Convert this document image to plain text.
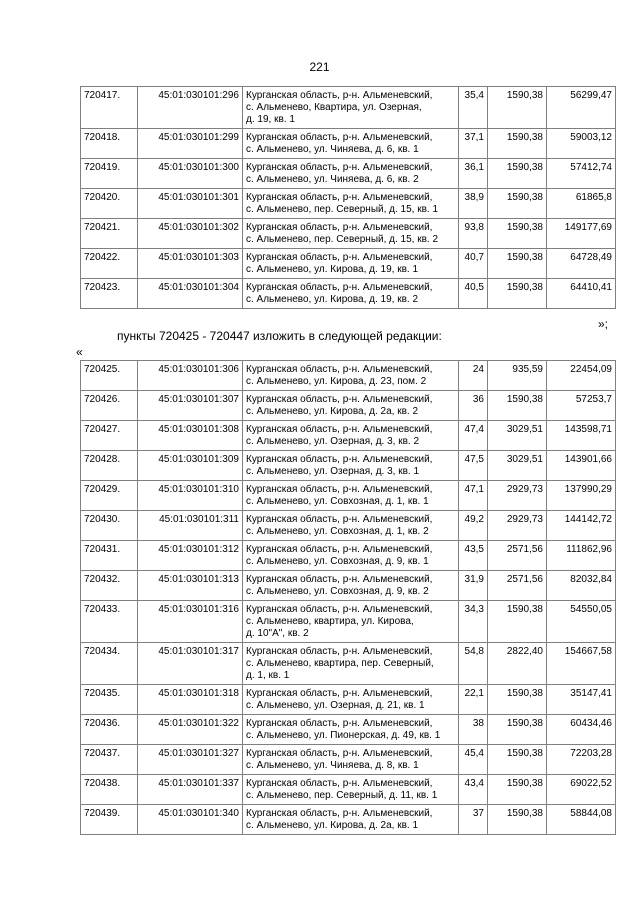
221
720417.	45:01:030101:296	Курганская область, р-н. Альменевский,
с. Альменево, Квартира, ул. Озерная,
д. 19, кв. 1	35,4	1590,38	56299,47
720418.	45:01:030101:299	Курганская область, р-н. Альменевский,
с. Альменево, ул. Чиняева, д. 6, кв. 1	37,1	1590,38	59003,12
720419.	45:01:030101:300	Курганская область, р-н. Альменевский,
с. Альменево, ул. Чиняева, д. 6, кв. 2	36,1	1590,38	57412,74
720420.	45:01:030101:301	Курганская область, р-н. Альменевский,
с. Альменево, пер. Северный, д. 15, кв. 1	38,9	1590,38	61865,8
720421.	45:01:030101:302	Курганская область, р-н. Альменевский,
с. Альменево, пер. Северный, д. 15, кв. 2	93,8	1590,38	149177,69
720422.	45:01:030101:303	Курганская область, р-н. Альменевский,
с. Альменево, ул. Кирова, д. 19, кв. 1	40,7	1590,38	64728,49
720423.	45:01:030101:304	Курганская область, р-н. Альменевский,
с. Альменево, ул. Кирова, д. 19, кв. 2	40,5	1590,38	64410,41
»;
пункты 720425 - 720447 изложить в следующей редакции:
«
720425.	45:01:030101:306	Курганская область, р-н. Альменевский,
с. Альменево, ул. Кирова, д. 23, пом. 2	24	935,59	22454,09
720426.	45:01:030101:307	Курганская область, р-н. Альменевский,
с. Альменево, ул. Кирова, д. 2а, кв. 2	36	1590,38	57253,7
720427.	45:01:030101:308	Курганская область, р-н. Альменевский,
с. Альменево, ул. Озерная, д. 3, кв. 2	47,4	3029,51	143598,71
720428.	45:01:030101:309	Курганская область, р-н. Альменевский,
с. Альменево, ул. Озерная, д. 3, кв. 1	47,5	3029,51	143901,66
720429.	45:01:030101:310	Курганская область, р-н. Альменевский,
с. Альменево, ул. Совхозная, д. 1, кв. 1	47,1	2929,73	137990,29
720430.	45:01:030101:311	Курганская область, р-н. Альменевский,
с. Альменево, ул. Совхозная, д. 1, кв. 2	49,2	2929,73	144142,72
720431.	45:01:030101:312	Курганская область, р-н. Альменевский,
с. Альменево, ул. Совхозная, д. 9, кв. 1	43,5	2571,56	111862,96
720432.	45:01:030101:313	Курганская область, р-н. Альменевский,
с. Альменево, ул. Совхозная, д. 9, кв. 2	31,9	2571,56	82032,84
720433.	45:01:030101:316	Курганская область, р-н. Альменевский,
с. Альменево, квартира, ул. Кирова,
д. 10"А", кв. 2	34,3	1590,38	54550,05
720434.	45:01:030101:317	Курганская область, р-н. Альменевский,
с. Альменево, квартира, пер. Северный,
д. 1, кв. 1	54,8	2822,40	154667,58
720435.	45:01:030101:318	Курганская область, р-н. Альменевский,
с. Альменево, ул. Озерная, д. 21, кв. 1	22,1	1590,38	35147,41
720436.	45:01:030101:322	Курганская область, р-н. Альменевский,
с. Альменево, ул. Пионерская, д. 49, кв. 1	38	1590,38	60434,46
720437.	45:01:030101:327	Курганская область, р-н. Альменевский,
с. Альменево, ул. Чиняева, д. 8, кв. 1	45,4	1590,38	72203,28
720438.	45:01:030101:337	Курганская область, р-н. Альменевский,
с. Альменево, пер. Северный, д. 11, кв. 1	43,4	1590,38	69022,52
720439.	45:01:030101:340	Курганская область, р-н. Альменевский,
с. Альменево, ул. Кирова, д. 2а, кв. 1	37	1590,38	58844,08
